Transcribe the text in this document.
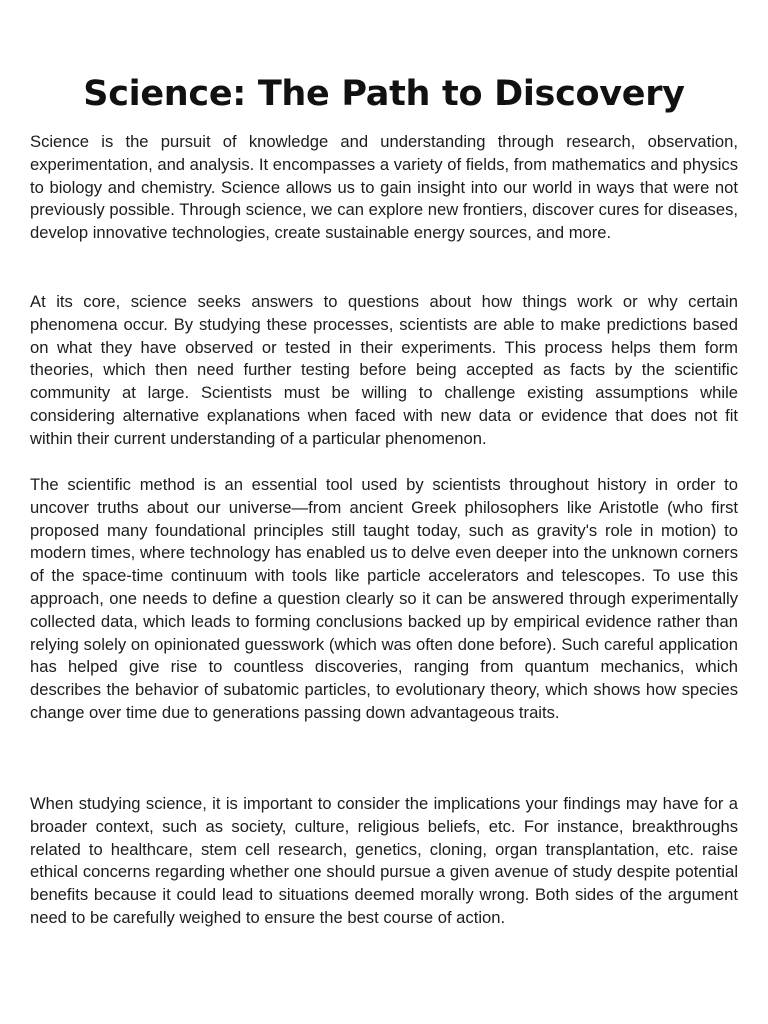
Science: The Path to Discovery

Science is the pursuit of knowledge and understanding through research, observation, experimentation, and analysis. It encompasses a variety of fields, from mathematics and physics to biology and chemistry. Science allows us to gain insight into our world in ways that were not previously possible. Through science, we can explore new frontiers, discover cures for diseases, develop innovative technologies, create sustainable energy sources, and more.

At its core, science seeks answers to questions about how things work or why certain phenomena occur. By studying these processes, scientists are able to make predictions based on what they have observed or tested in their experiments. This process helps them form theories, which then need further testing before being accepted as facts by the scientific community at large. Scientists must be willing to challenge existing assumptions while considering alternative explanations when faced with new data or evidence that does not fit within their current understanding of a particular phenomenon.

The scientific method is an essential tool used by scientists throughout history in order to uncover truths about our universe—from ancient Greek philosophers like Aristotle (who first proposed many foundational principles still taught today, such as gravity's role in motion) to modern times, where technology has enabled us to delve even deeper into the unknown corners of the space-time continuum with tools like particle accelerators and telescopes. To use this approach, one needs to define a question clearly so it can be answered through experimentally collected data, which leads to forming conclusions backed up by empirical evidence rather than relying solely on opinionated guesswork (which was often done before). Such careful application has helped give rise to countless discoveries, ranging from quantum mechanics, which describes the behavior of subatomic particles, to evolutionary theory, which shows how species change over time due to generations passing down advantageous traits.

When studying science, it is important to consider the implications your findings may have for a broader context, such as society, culture, religious beliefs, etc. For instance, breakthroughs related to healthcare, stem cell research, genetics, cloning, organ transplantation, etc. raise ethical concerns regarding whether one should pursue a given avenue of study despite potential benefits because it could lead to situations deemed morally wrong. Both sides of the argument need to be carefully weighed to ensure the best course of action.
